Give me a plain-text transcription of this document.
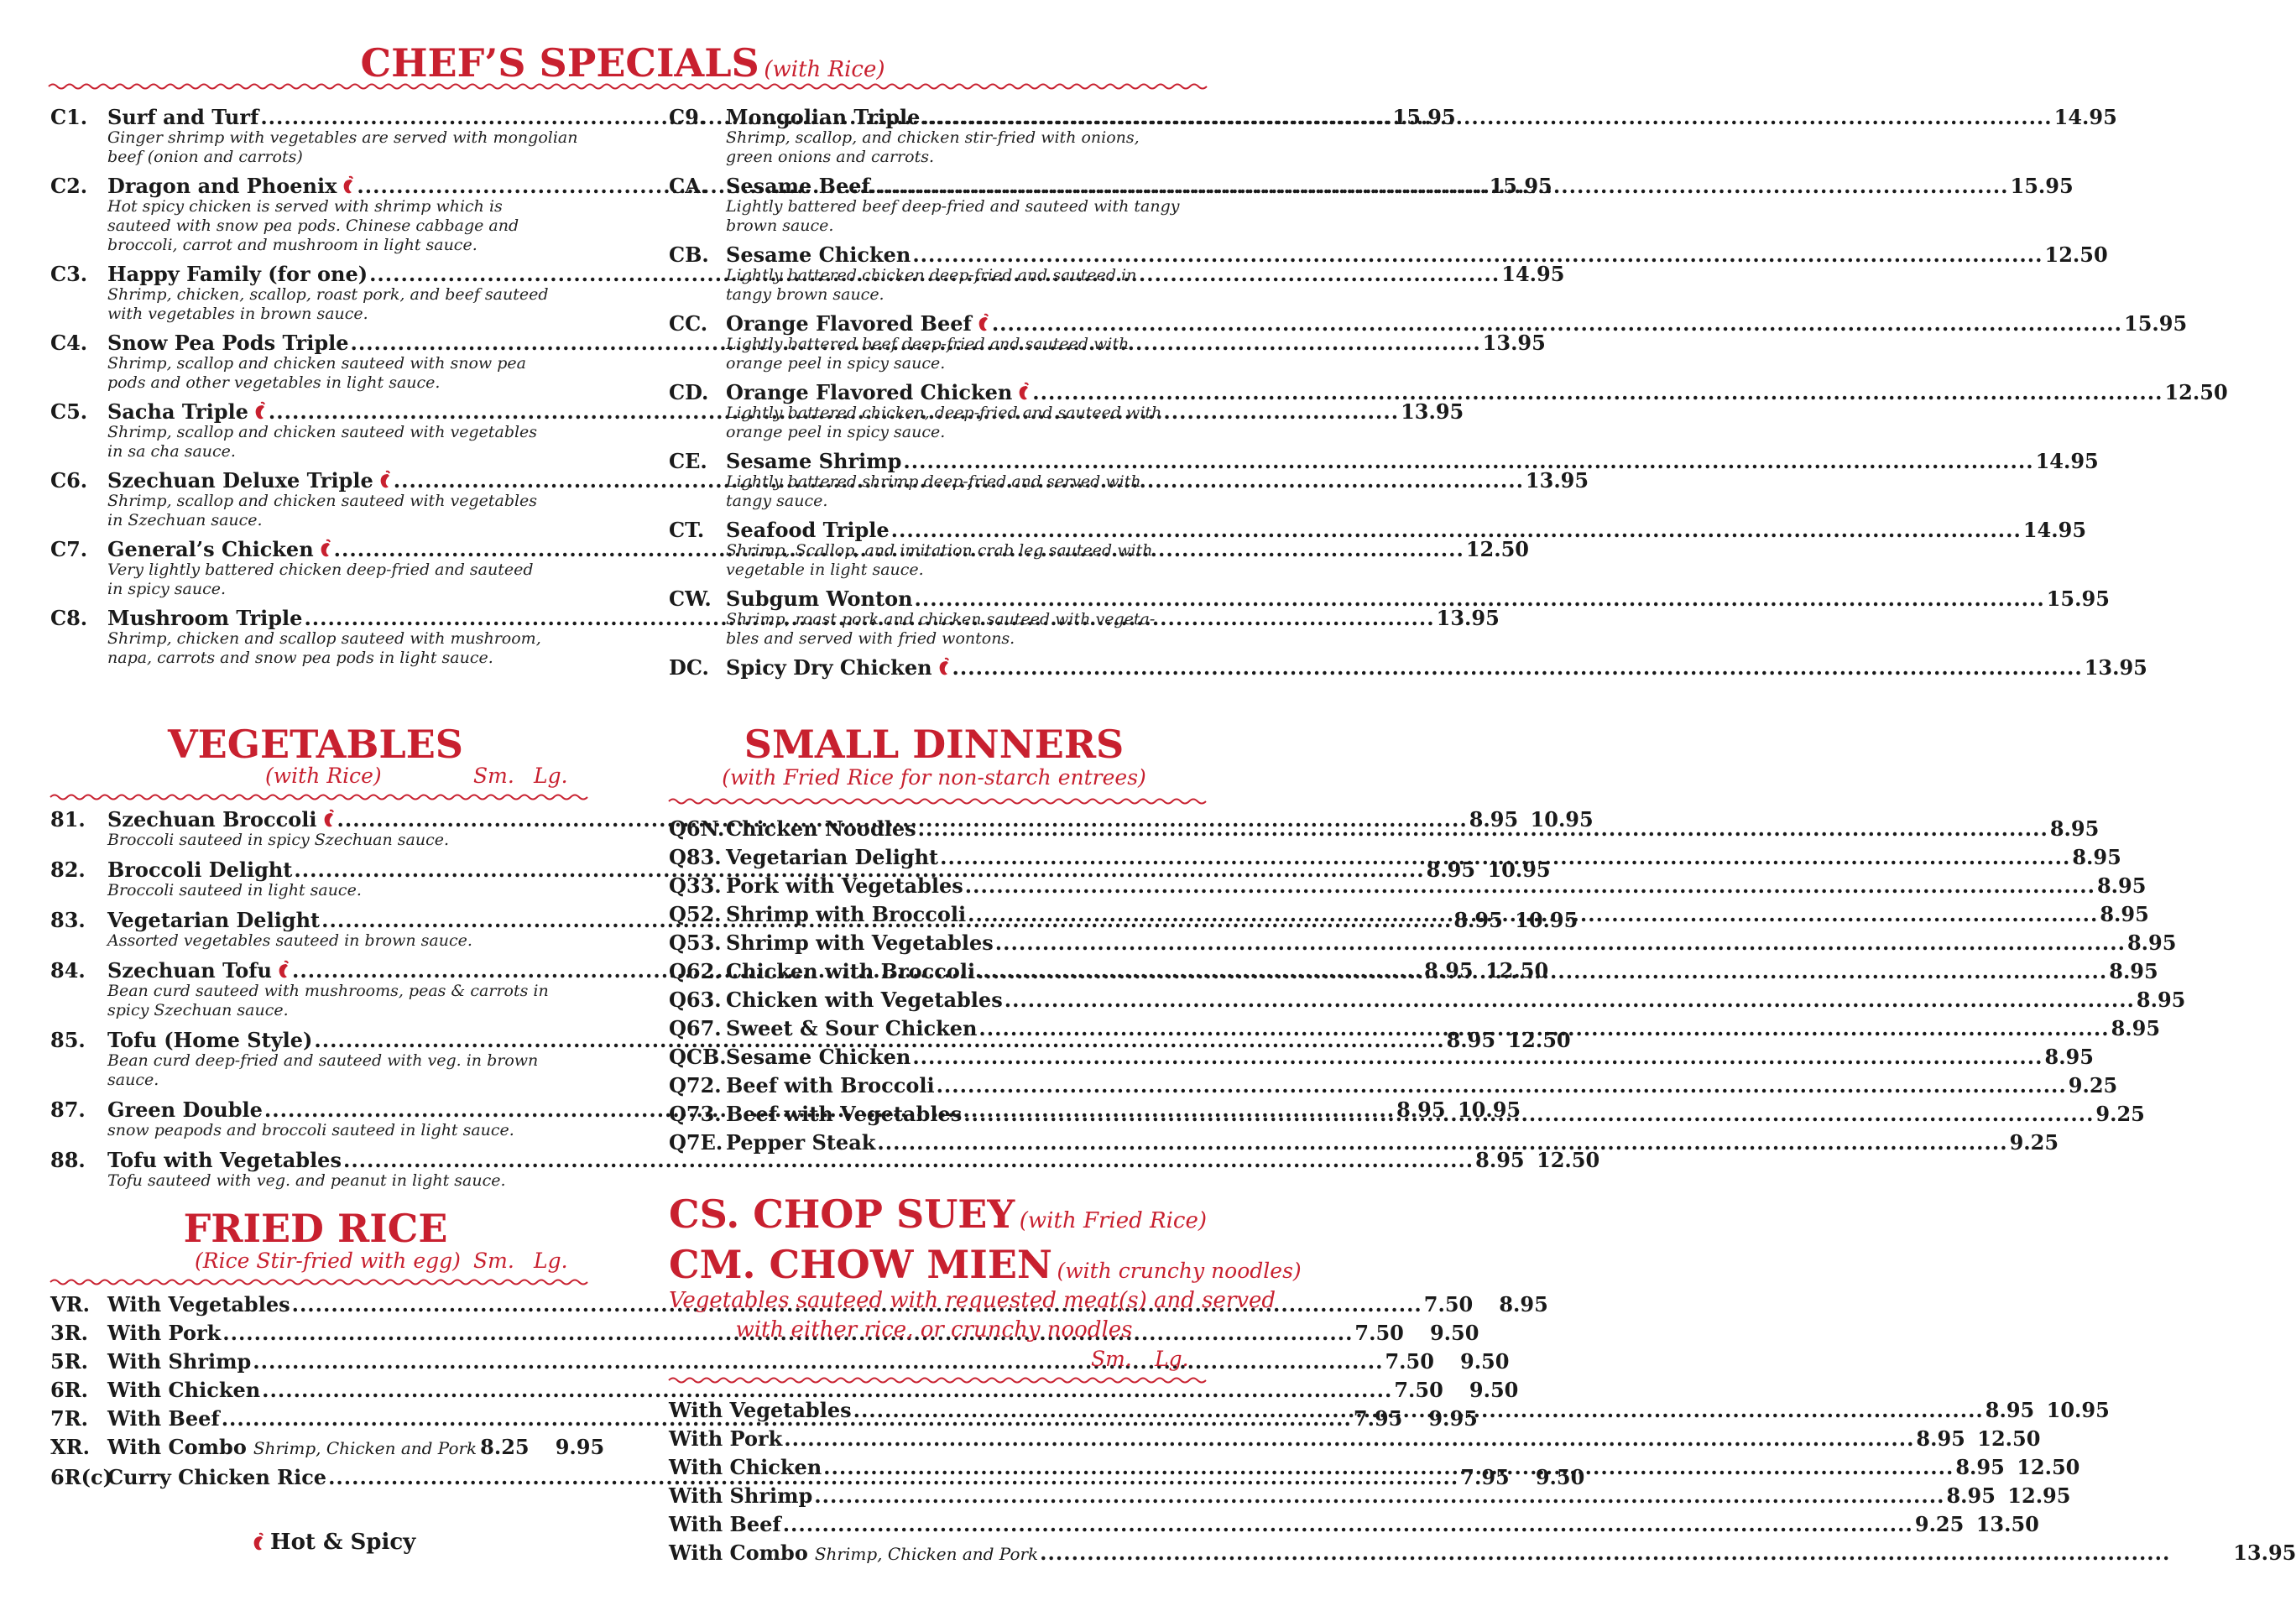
CHEF’S SPECIALS (with Rice)
C1. Surf and Turf .....	15.95
Ginger shrimp with vegetables are served with mongolian
beef (onion and carrots)
C2. Dragon and Phoenix .....	15.95
Hot spicy chicken is served with shrimp which is
sauteed with snow pea pods. Chinese cabbage and
broccoli, carrot and mushroom in light sauce.
C3. Happy Family (for one) .....	14.95
Shrimp, chicken, scallop, roast pork, and beef sauteed
with vegetables in brown sauce.
C4. Snow Pea Pods Triple .....	13.95
Shrimp, scallop and chicken sauteed with snow pea
pods and other vegetables in light sauce.
C5. Sacha Triple .....	13.95
Shrimp, scallop and chicken sauteed with vegetables
in sa cha sauce.
C6. Szechuan Deluxe Triple .....	13.95
Shrimp, scallop and chicken sauteed with vegetables
in Szechuan sauce.
C7. General’s Chicken .....	12.50
Very lightly battered chicken deep-fried and sauteed
in spicy sauce.
C8. Mushroom Triple .....	13.95
Shrimp, chicken and scallop sauteed with mushroom,
napa, carrots and snow pea pods in light sauce.
C9. Mongolian Triple .....	14.95
Shrimp, scallop, and chicken stir-fried with onions,
green onions and carrots.
CA. Sesame Beef. .....	15.95
Lightly battered beef deep-fried and sauteed with tangy
brown sauce.
CB. Sesame Chicken .....	12.50
Lightly battered chicken deep-fried and sauteed in
tangy brown sauce.
CC. Orange Flavored Beef .....	15.95
Lightly battered beef deep-fried and sauteed with
orange peel in spicy sauce.
CD. Orange Flavored Chicken .....	12.50
Lightly battered chicken, deep-fried and sauteed with
orange peel in spicy sauce.
CE. Sesame Shrimp .....	14.95
Lightly battered shrimp deep-fried and served with
tangy sauce.
CT.	Seafood Triple .....	14.95
Shrimp, Scallop, and imitation crab leg sauteed with
vegetable in light sauce.
CW. Subgum Wonton .....	15.95
Shrimp, roast pork and chicken sauteed with vegeta-
bles and served with fried wontons.
DC. Spicy Dry Chicken .....	13.95
VEGETABLES
(with Rice)	Sm. Lg.
81.	Szechuan Broccoli .....	8.95 10.95
Broccoli sauteed in spicy Szechuan sauce.
82.	Broccoli Delight .....	8.95 10.95
Broccoli sauteed in light sauce.
83.	Vegetarian Delight .....	8.95 10.95
Assorted vegetables sauteed in brown sauce.
84.	Szechuan Tofu .....	8.95 12.50
Bean curd sauteed with mushrooms, peas & carrots in
spicy Szechuan sauce.
85.	Tofu (Home Style) .....	8.95 12.50
Bean curd deep-fried and sauteed with veg. in brown
sauce.
87.	Green Double .....	8.95 10.95
snow peapods and broccoli sauteed in light sauce.
88.	Tofu with Vegetables .....	8.95 12.50
Tofu sauteed with veg. and peanut in light sauce.
FRIED RICE
(Rice Stir-fried with egg) Sm. Lg.
VR. With Vegetables .....	7.50	8.95
3R. With Pork .....	7.50	9.50
5R. With Shrimp .....	7.50	9.50
6R. With Chicken .....	7.50	9.50
7R. With Beef .....	7.95	9.95
XR. With Combo Shrimp, Chicken and Pork 8.25	9.95
6R(c)
Curry Chicken Rice .....	7.95	9.50
Hot & Spicy
SMALL DINNERS
(with Fried Rice for non-starch entrees)
Q6N. Chicken Noodles .....	8.95
Q83. Vegetarian Delight .....	8.95
Q33. Pork with Vegetables .....	8.95
Q52. Shrimp with Broccoli .....	8.95
Q53. Shrimp with Vegetables .....	8.95
Q62. Chicken with Broccoli .....	8.95
Q63. Chicken with Vegetables .....	8.95
Q67. Sweet & Sour Chicken .....	8.95
QCB. Sesame Chicken .....	8.95
Q72. Beef with Broccoli .....	9.25
Q73. Beef with Vegetables .....	9.25
Q7E. Pepper Steak .....	9.25
CS. CHOP SUEY (with Fried Rice)
CM. CHOW MIEN (with crunchy noodles)
Vegetables sauteed with requested meat(s) and served
with either rice, or crunchy noodles
Sm. Lg.
With Vegetables .....	8.95 10.95
With Pork .....	8.95 12.50
With Chicken .....	8.95 12.50
With Shrimp .....	8.95 12.95
With Beef .....	9.25 13.50
With Combo Shrimp, Chicken and Pork .....	13.95
